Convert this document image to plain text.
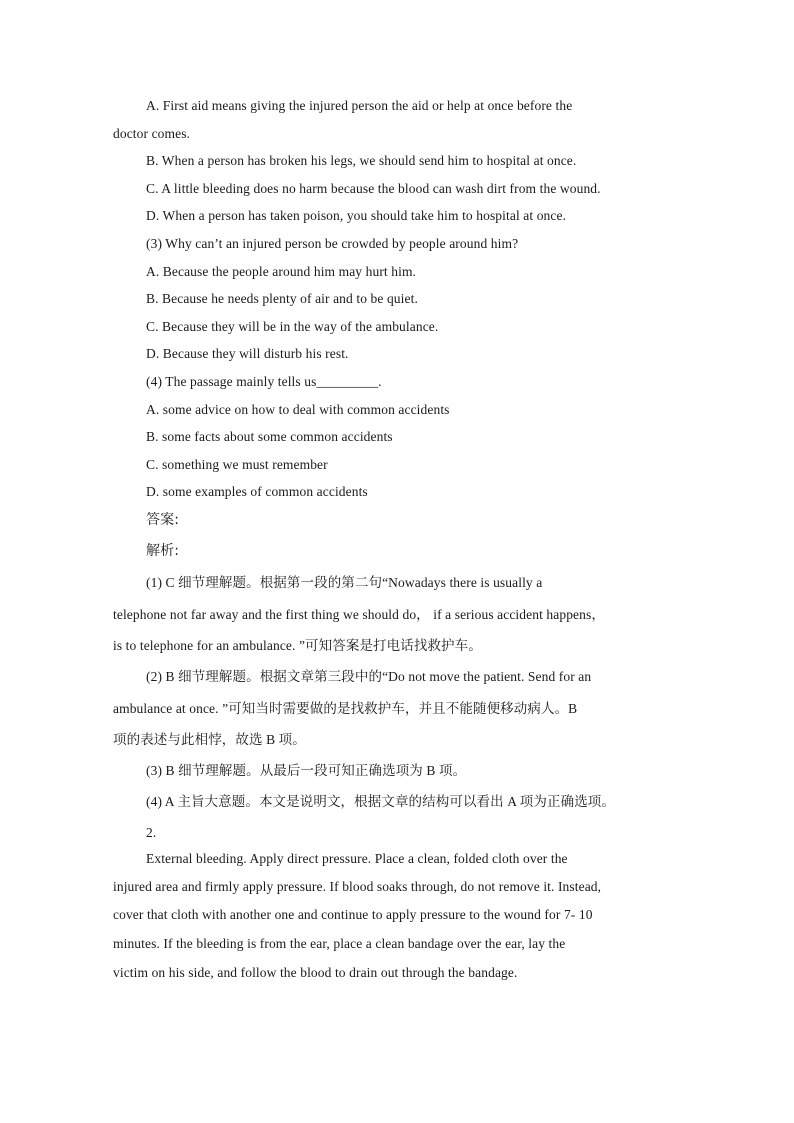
A. First aid means giving the injured person the aid or help at once before the
doctor comes.
B. When a person has broken his legs, we should send him to hospital at once.
C. A little bleeding does no harm because the blood can wash dirt from the wound.
D. When a person has taken poison, you should take him to hospital at once.
(3) Why can’t an injured person be crowded by people around him?
A. Because the people around him may hurt him.
B. Because he needs plenty of air and to be quiet.
C. Because they will be in the way of the ambulance.
D. Because they will disturb his rest.
(4) The passage mainly tells us_________.
A. some advice on how to deal with common accidents
B. some facts about some common accidents
C. something we must remember
D. some examples of common accidents
答案:
解析:
(1) C 细节理解题。根据第一段的第二句“Nowadays there is usually a
telephone not far away and the first thing we should do， if a serious accident happens，
is to telephone for an ambulance. ”可知答案是打电话找救护车。
(2) B 细节理解题。根据文章第三段中的“Do not move the patient. Send for an
ambulance at once. ”可知当时需要做的是找救护车，并且不能随便移动病人。B
项的表述与此相悖，故选 B 项。
(3) B 细节理解题。从最后一段可知正确选项为 B 项。
(4) A 主旨大意题。本文是说明文，根据文章的结构可以看出 A 项为正确选项。
2.
External bleeding. Apply direct pressure. Place a clean, folded cloth over the
injured area and firmly apply pressure. If blood soaks through, do not remove it. Instead,
cover that cloth with another one and continue to apply pressure to the wound for 7- 10
minutes. If the bleeding is from the ear, place a clean bandage over the ear, lay the
victim on his side, and follow the blood to drain out through the bandage.
